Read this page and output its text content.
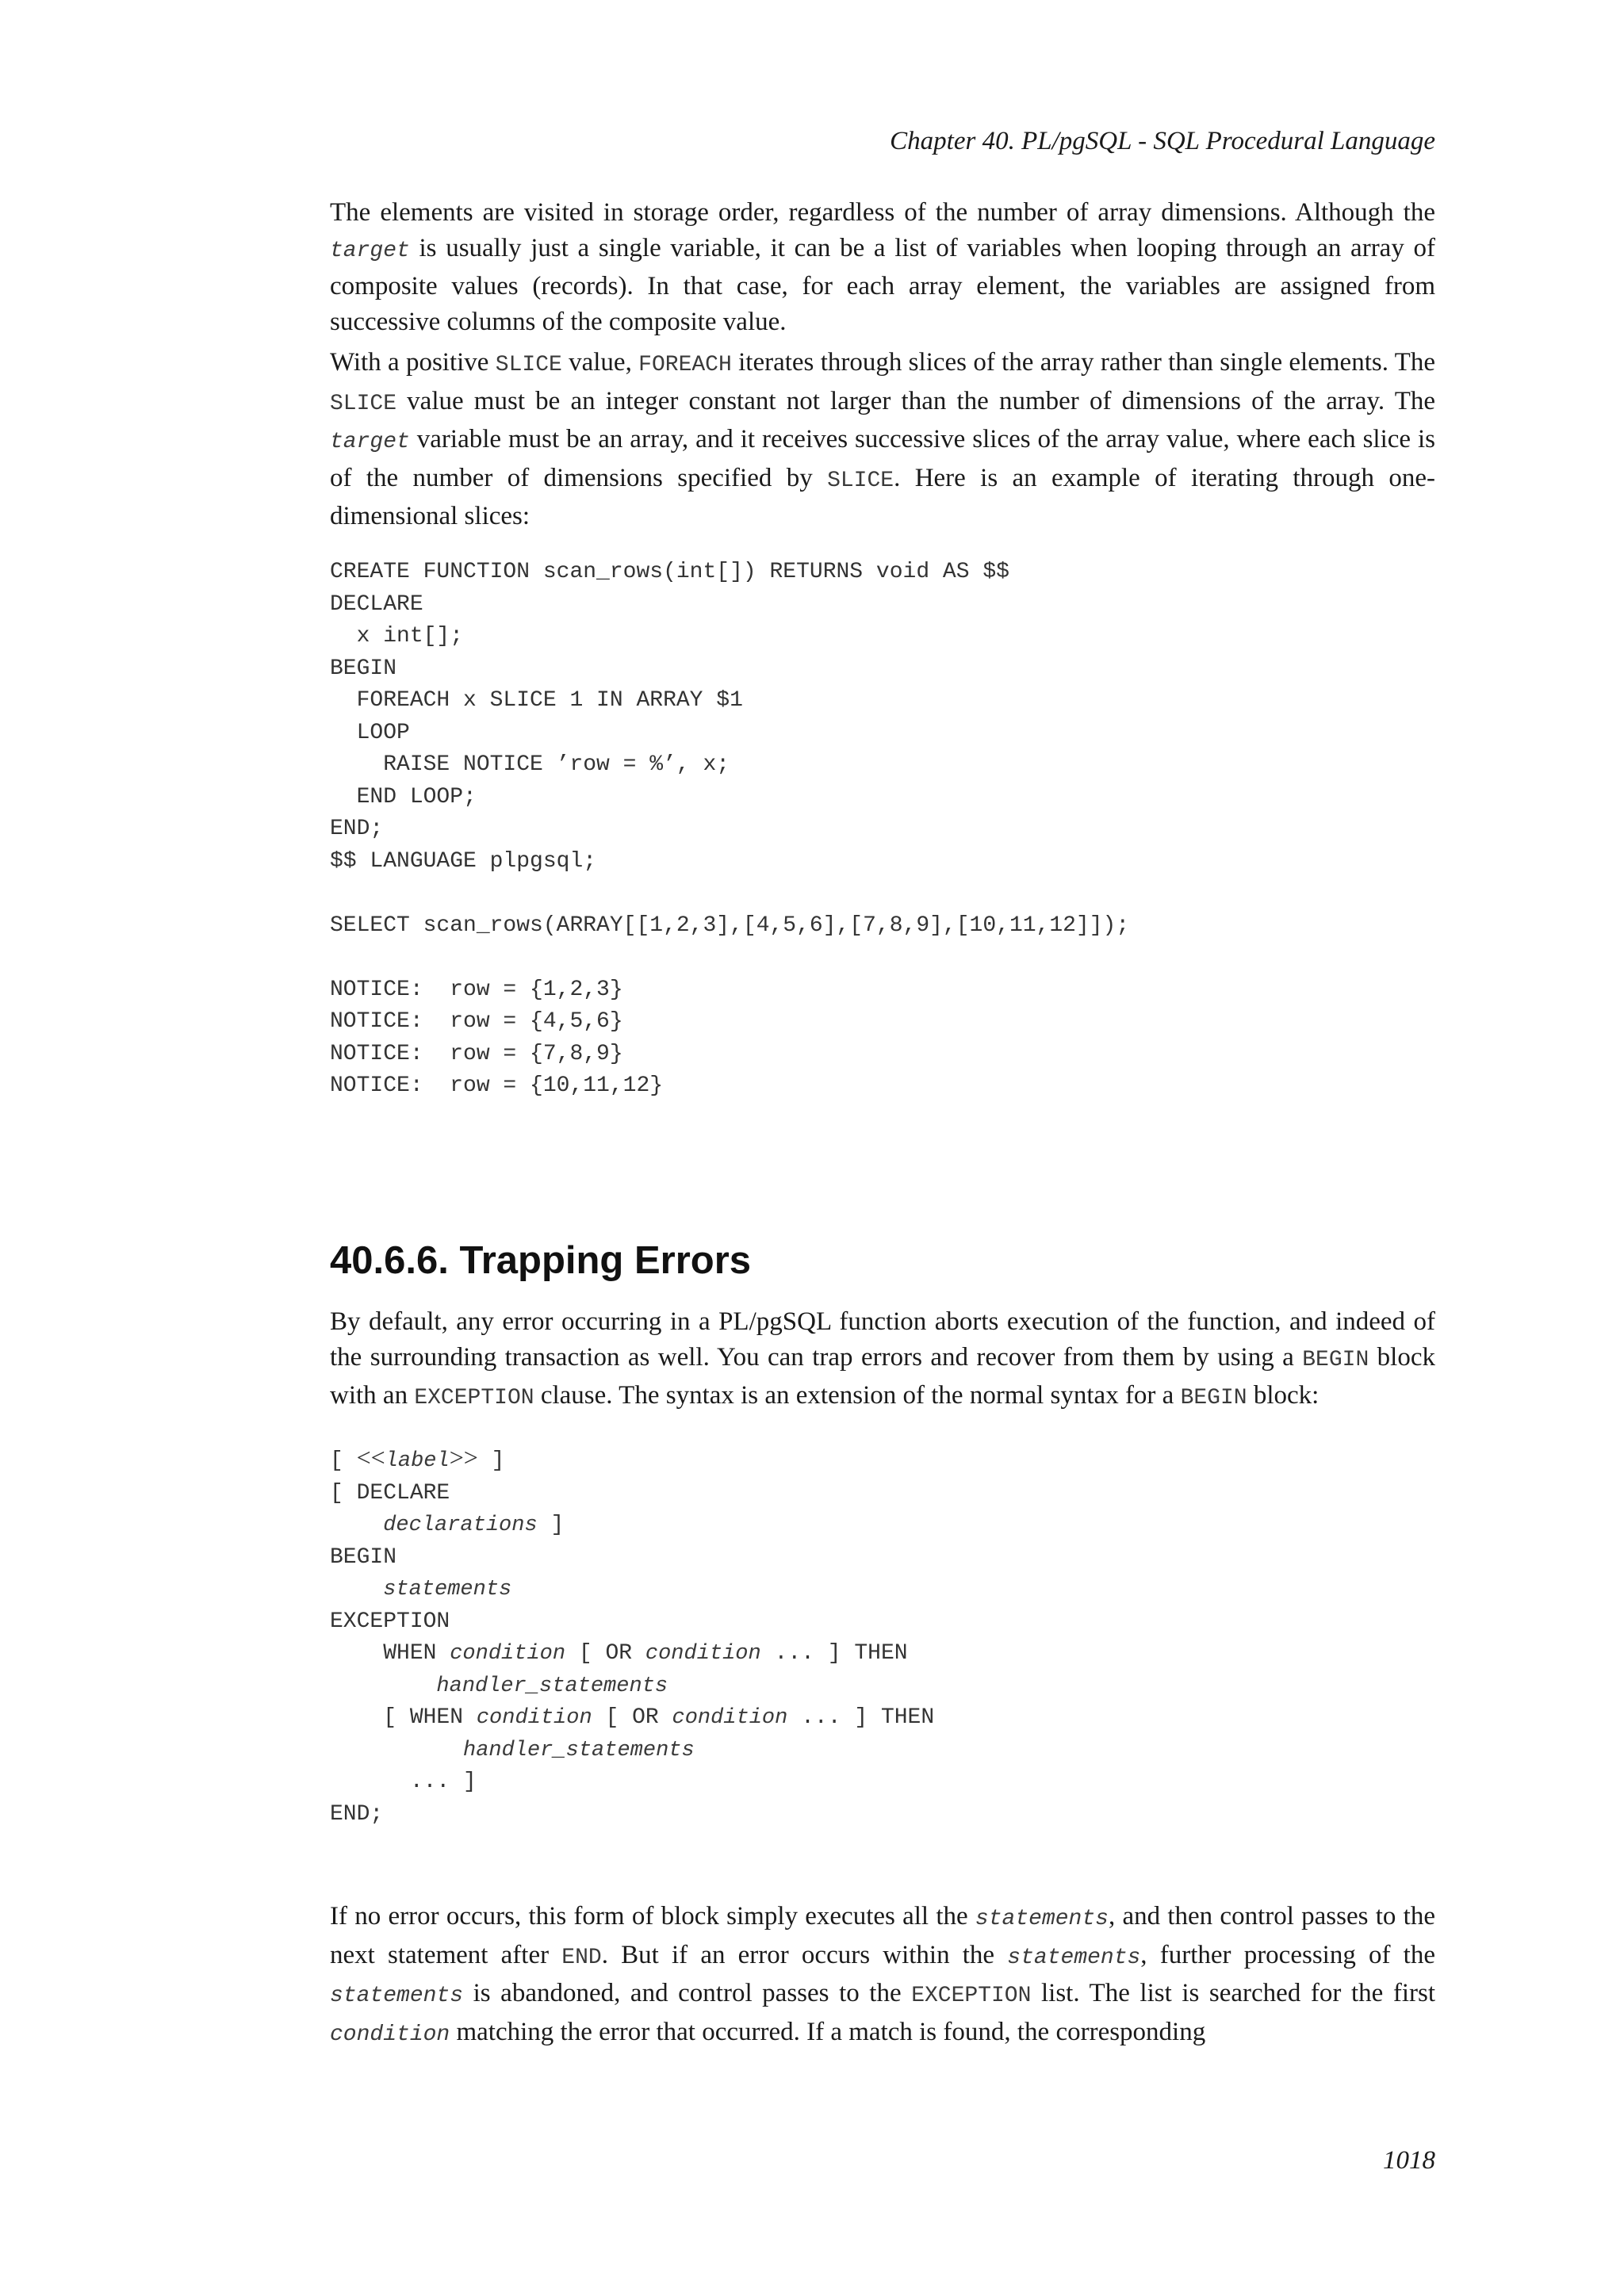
Chapter 40. PL/pgSQL - SQL Procedural Language

The elements are visited in storage order, regardless of the number of array dimensions. Although the target is usually just a single variable, it can be a list of variables when looping through an array of composite values (records). In that case, for each array element, the variables are assigned from successive columns of the composite value.

With a positive SLICE value, FOREACH iterates through slices of the array rather than single elements. The SLICE value must be an integer constant not larger than the number of dimensions of the array. The target variable must be an array, and it receives successive slices of the array value, where each slice is of the number of dimensions specified by SLICE. Here is an example of iterating through one-dimensional slices:

CREATE FUNCTION scan_rows(int[]) RETURNS void AS $$
DECLARE
x int[];
BEGIN
FOREACH x SLICE 1 IN ARRAY $1
LOOP
RAISE NOTICE ’row = %’, x;
END LOOP;
END;
$$ LANGUAGE plpgsql;

SELECT scan_rows(ARRAY[[1,2,3],[4,5,6],[7,8,9],[10,11,12]]);

NOTICE:  row = {1,2,3}
NOTICE:  row = {4,5,6}
NOTICE:  row = {7,8,9}
NOTICE:  row = {10,11,12}
40.6.6. Trapping Errors

By default, any error occurring in a PL/pgSQL function aborts execution of the function, and indeed of the surrounding transaction as well. You can trap errors and recover from them by using a BEGIN block with an EXCEPTION clause. The syntax is an extension of the normal syntax for a BEGIN block:

[ <<label>> ]
[ DECLARE
declarations ]
BEGIN
statements
EXCEPTION
WHEN condition [ OR condition ... ] THEN
handler_statements
[ WHEN condition [ OR condition ... ] THEN
handler_statements
... ]
END;

If no error occurs, this form of block simply executes all the statements, and then control passes to the next statement after END. But if an error occurs within the statements, further processing of the statements is abandoned, and control passes to the EXCEPTION list. The list is searched for the first condition matching the error that occurred. If a match is found, the corresponding

1018
